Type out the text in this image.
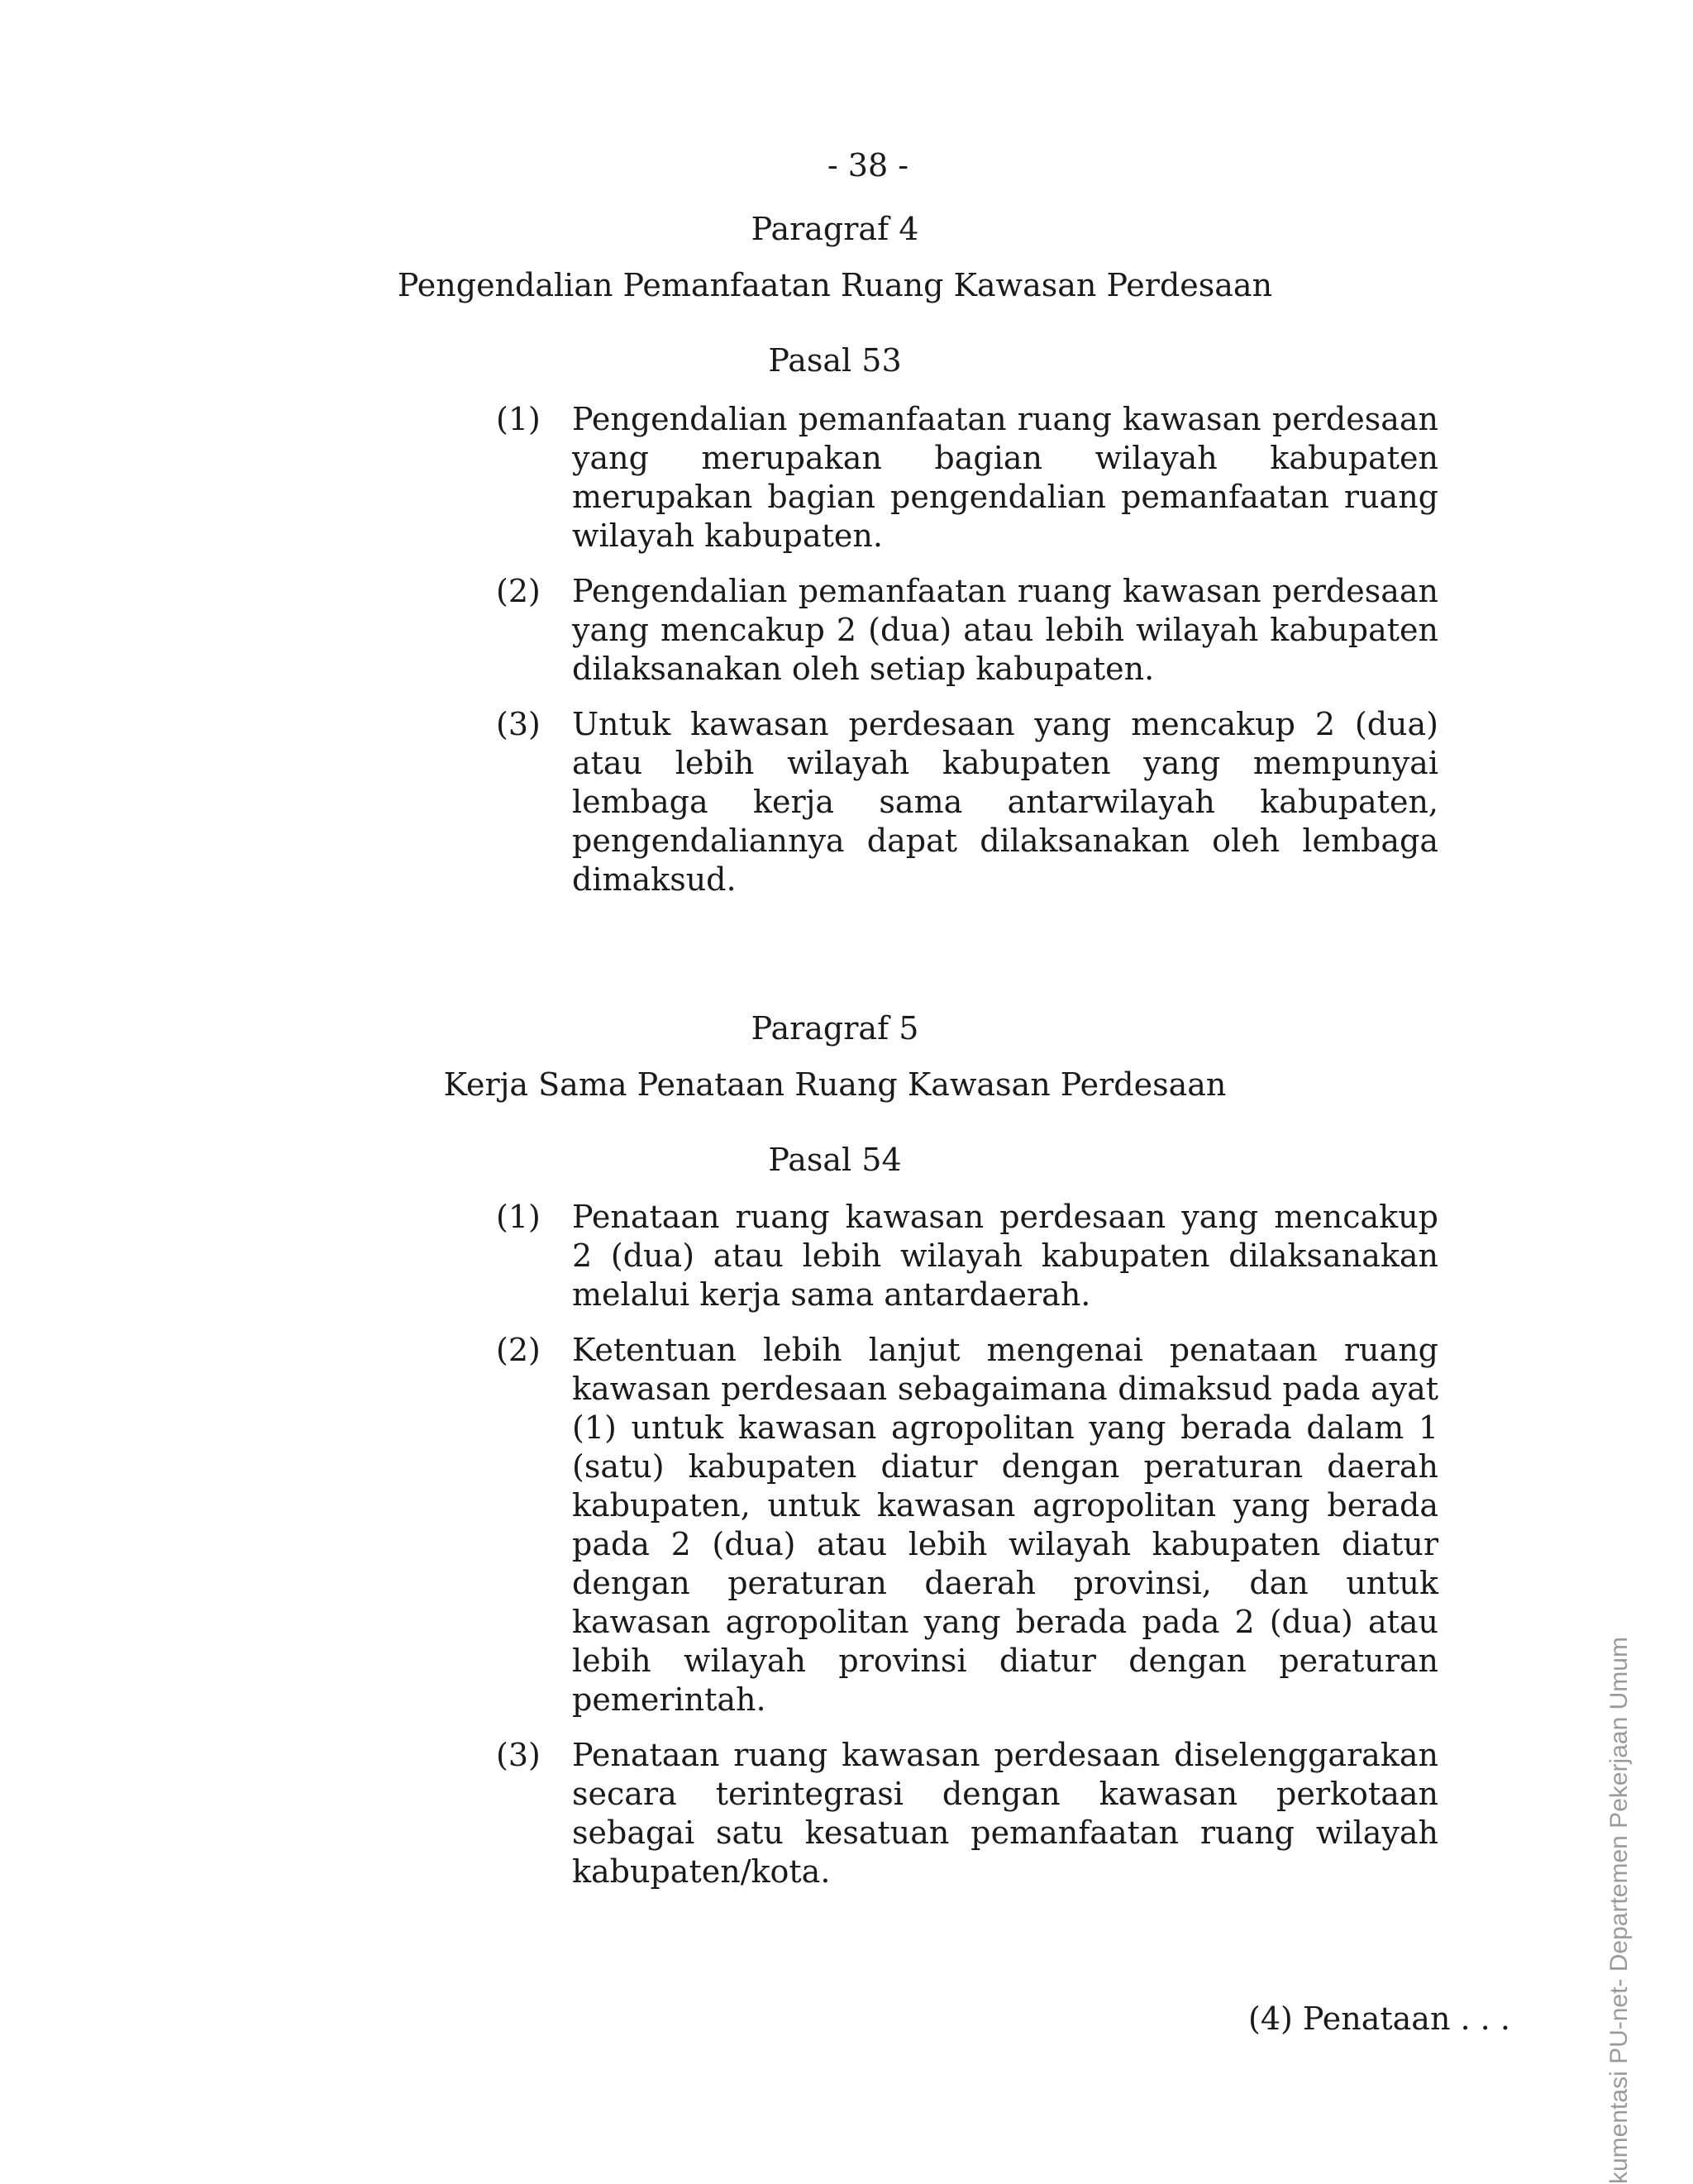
- 38 -
Paragraf 4
Pengendalian Pemanfaatan Ruang Kawasan Perdesaan
Pasal 53
(1)	Pengendalian pemanfaatan ruang kawasan perdesaan yang merupakan bagian wilayah kabupaten merupakan bagian pengendalian pemanfaatan ruang wilayah kabupaten.
(2)	Pengendalian pemanfaatan ruang kawasan perdesaan yang mencakup 2 (dua) atau lebih wilayah kabupaten dilaksanakan oleh setiap kabupaten.
(3)	Untuk kawasan perdesaan yang mencakup 2 (dua) atau lebih wilayah kabupaten yang mempunyai lembaga kerja sama antarwilayah kabupaten, pengendaliannya dapat dilaksanakan oleh lembaga dimaksud.
Paragraf 5
Kerja Sama Penataan Ruang Kawasan Perdesaan
Pasal 54
(1)	Penataan ruang kawasan perdesaan yang mencakup 2 (dua) atau lebih wilayah kabupaten dilaksanakan melalui kerja sama antardaerah.
(2)	Ketentuan lebih lanjut mengenai penataan ruang kawasan perdesaan sebagaimana dimaksud pada ayat (1) untuk kawasan agropolitan yang berada dalam 1 (satu) kabupaten diatur dengan peraturan daerah kabupaten, untuk kawasan agropolitan yang berada pada 2 (dua) atau lebih wilayah kabupaten diatur dengan peraturan daerah provinsi, dan untuk kawasan agropolitan yang berada pada 2 (dua) atau lebih wilayah provinsi diatur dengan peraturan pemerintah.
(3)	Penataan ruang kawasan perdesaan diselenggarakan secara terintegrasi dengan kawasan perkotaan sebagai satu kesatuan pemanfaatan ruang wilayah kabupaten/kota.
(4) Penataan . . .	kumentasi PU-net- Departemen Pekerjaan Umum
